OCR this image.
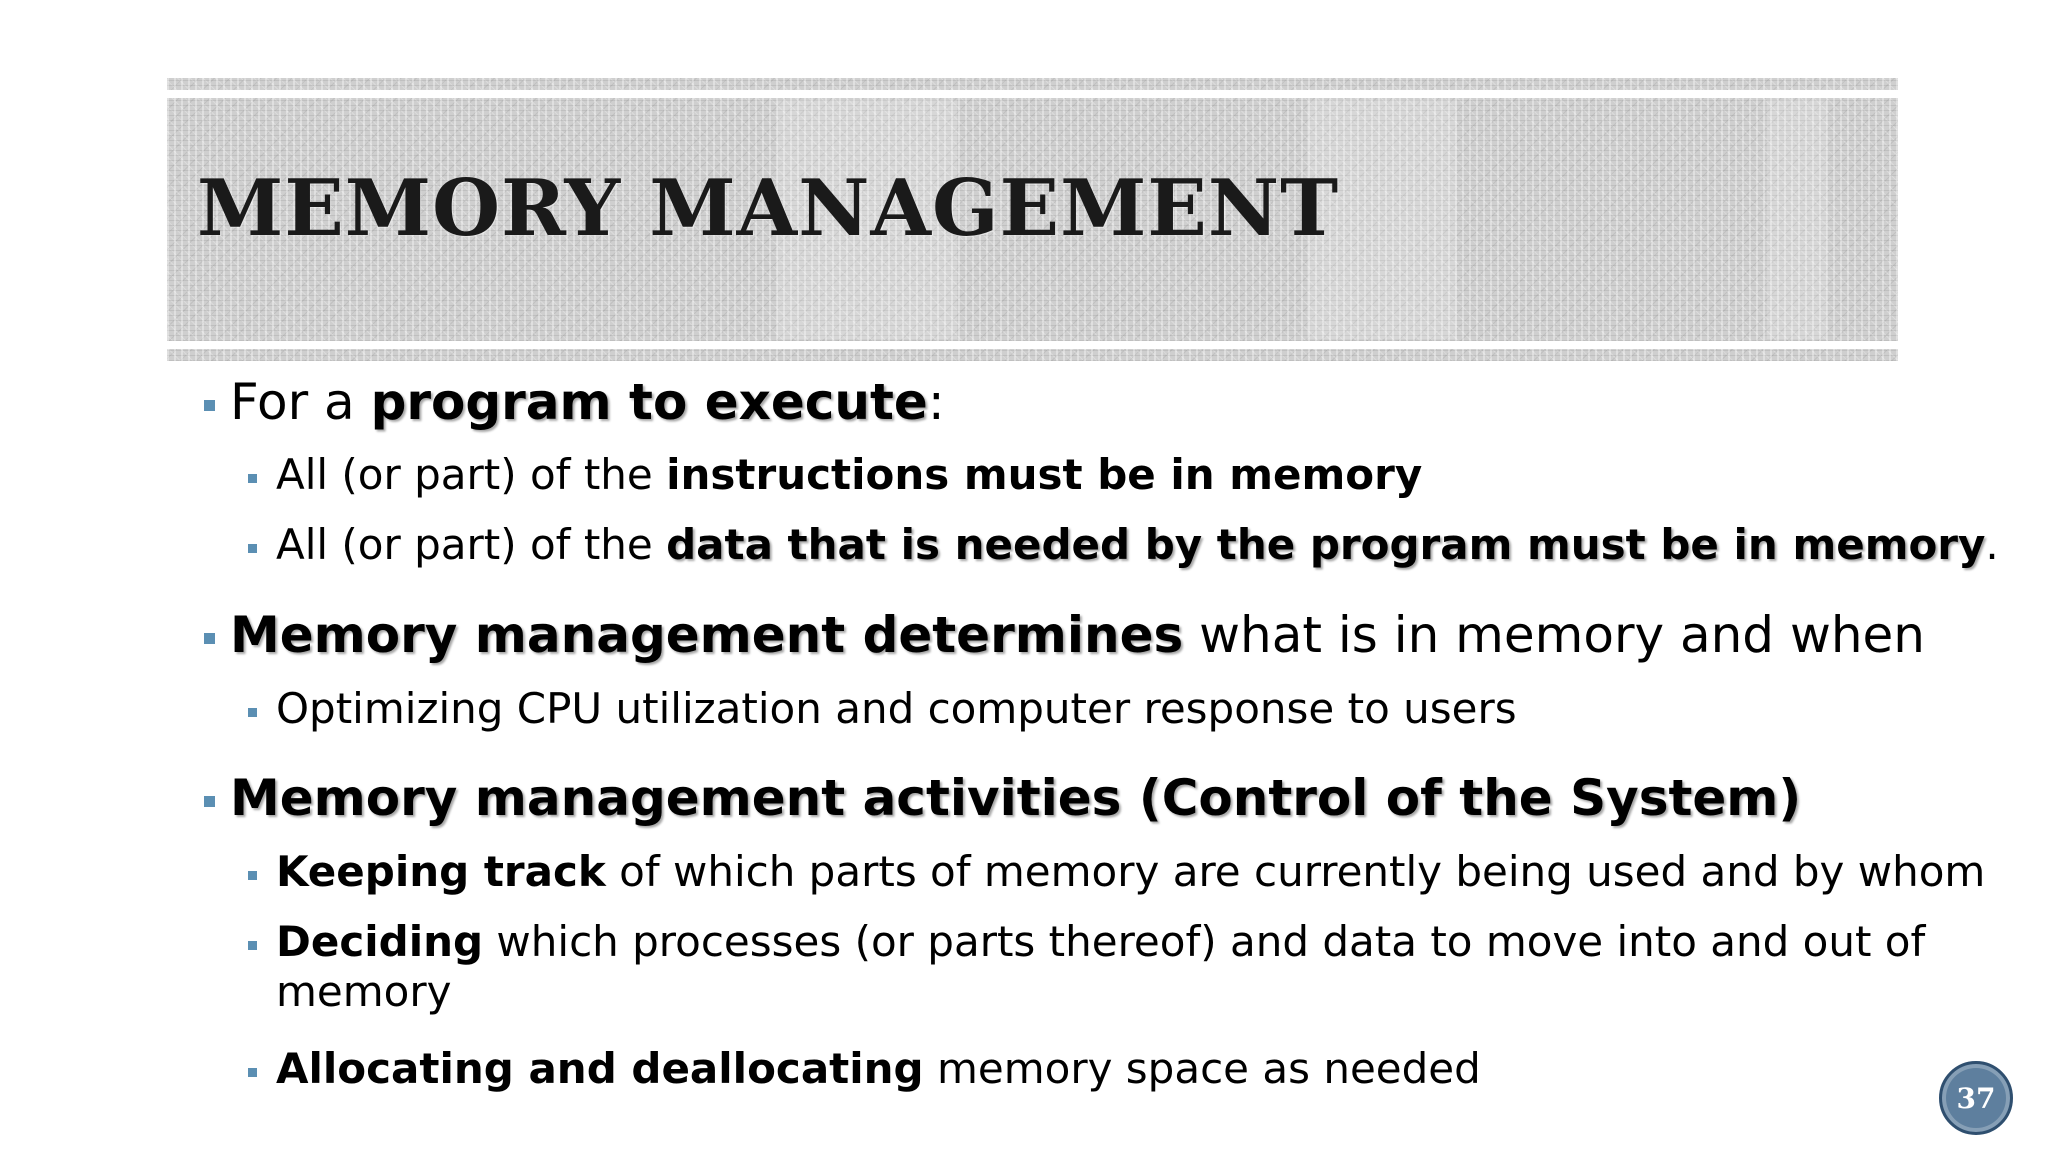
MEMORY MANAGEMENT

For a program to execute:

All (or part) of the instructions must be in memory

All (or part) of the data that is needed by the program must be in memory.

Memory management determines what is in memory and when

Optimizing CPU utilization and computer response to users

Memory management activities (Control of the System)

Keeping track of which parts of memory are currently being used and by whom

Deciding which processes (or parts thereof) and data to move into and out of memory

Allocating and deallocating memory space as needed

37
